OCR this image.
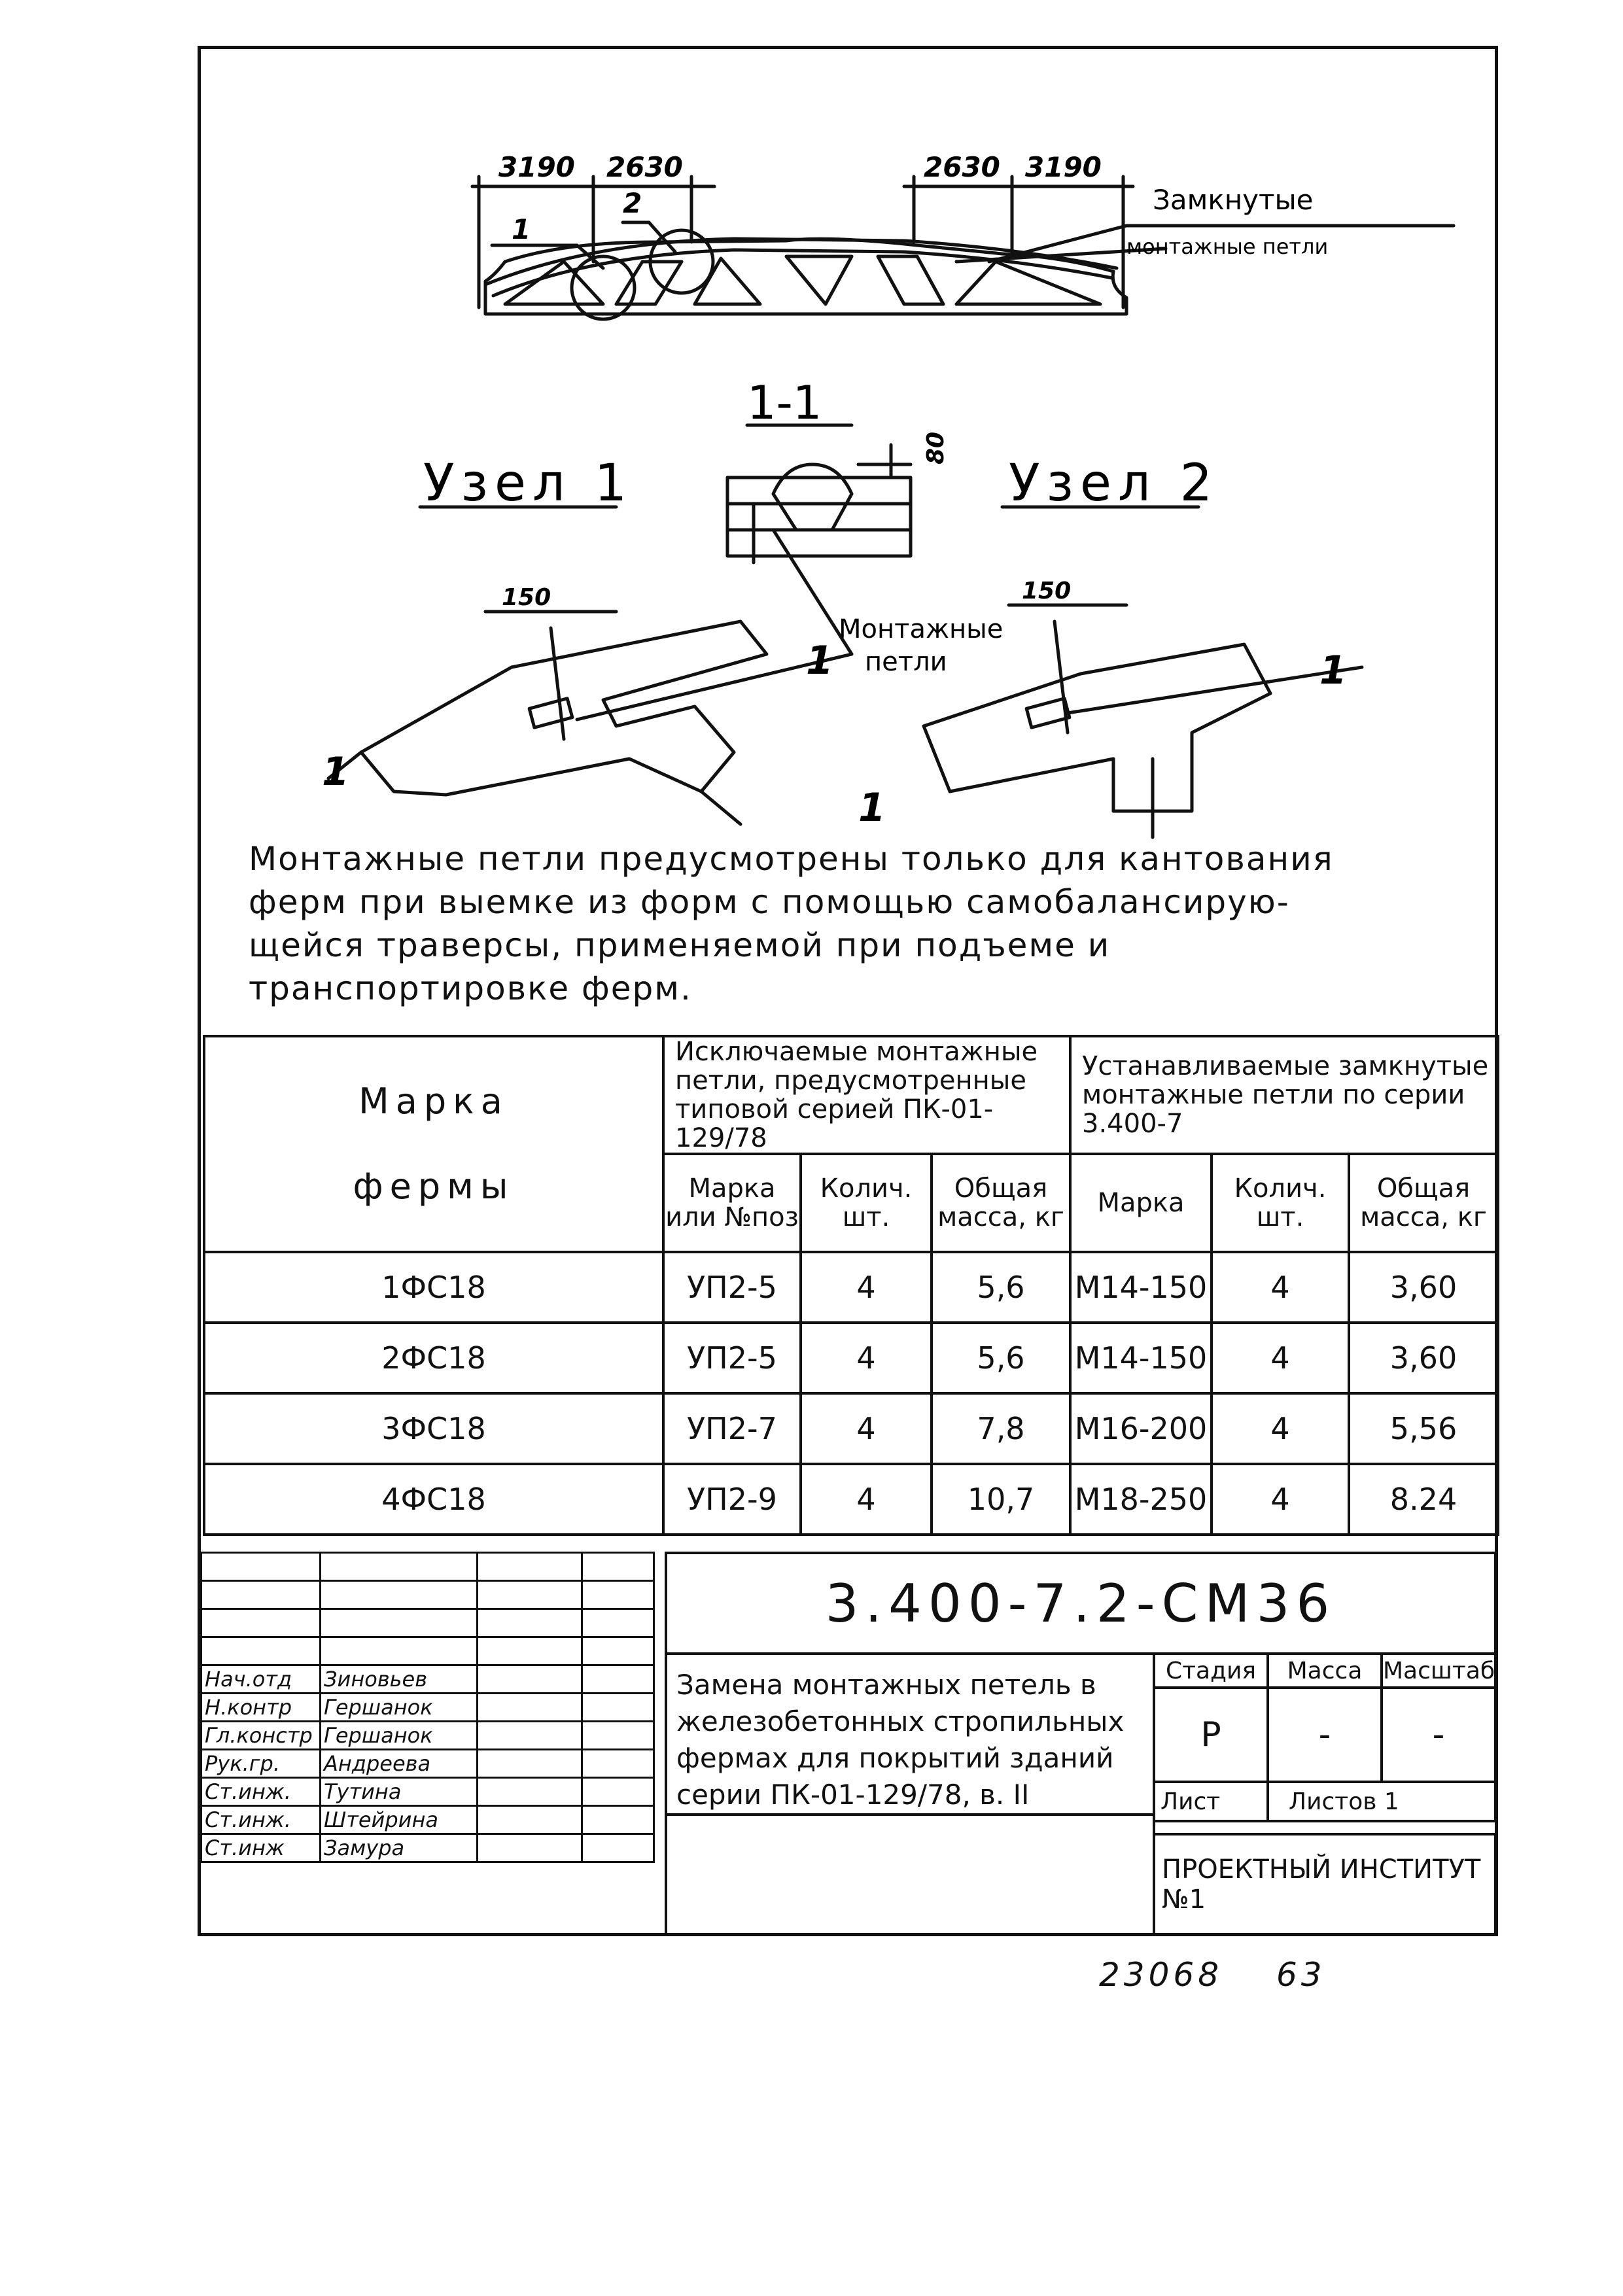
3190 2630	2630 3190
1
2	Замкнутые
монтажные петли
1-1
Узел 1	Узел 2
80
150	150
Монтажные
петли
1
1
1
1

Монтажные петли предусмотрены только для кантования

ферм при выемке из форм с помощью самобалансирую-

щейся траверсы, применяемой при подъеме и

транспортировке ферм.

Марка
фермы	Исключаемые монтажные петли, предусмотренные типовой серией ПК-01-129/78			Устанавливаемые замкнутые монтажные петли по серии 3.400-7		
	Марка или №поз	Колич. шт.	Общая масса, кг	Марка	Колич. шт.	Общая масса, кг
1ФС18	УП2-5	4	5,6	М14-150	4	3,60
2ФС18	УП2-5	4	5,6	М14-150	4	3,60
3ФС18	УП2-7	4	7,8	М16-200	4	5,56
4ФС18	УП2-9	4	10,7	М18-250	4	8.24

Нач.отд	Зиновьев		
Н.контр	Гершанок		
Гл.констр	Гершанок		
Рук.гр.	Андреева		
Ст.инж.	Тутина		
Ст.инж.	Штейрина		
Ст.инж	Замура		
3.400-7.2-СМ36
Замена монтажных петель в железобетонных стропильных фермах для покрытий зданий серии ПК-01-129/78, в. II
Стадия	Масса	Масштаб
Р	-	-
Лист	Листов 1	
ПРОЕКТНЫЙ ИНСТИТУТ №1
23068 63
